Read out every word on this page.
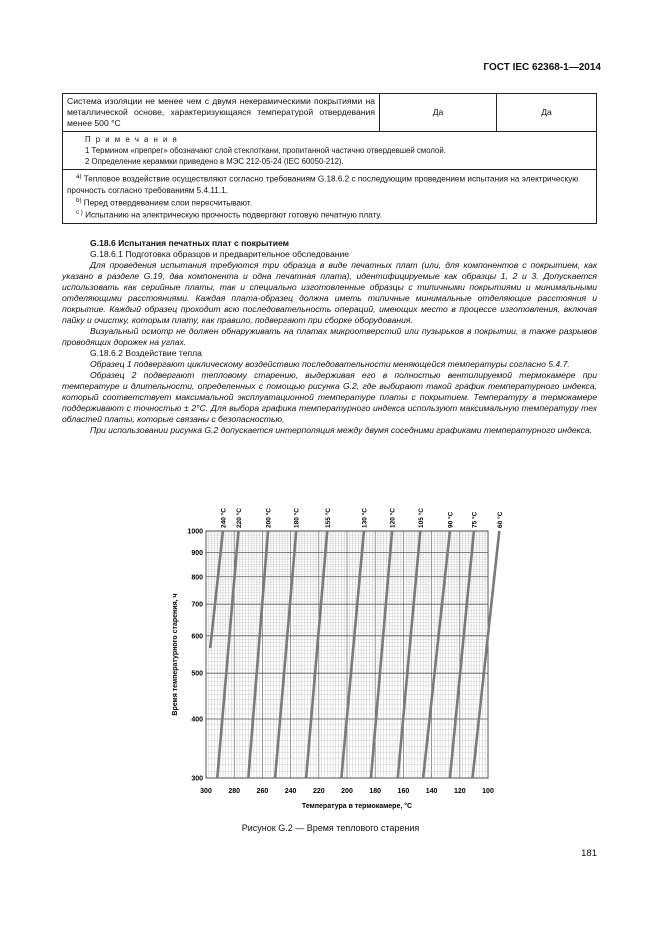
ГОСТ IEC 62368-1—2014
Система изоляции не менее чем с двумя некерамическими покрытиями на металлической основе, характеризующаяся температурой отвердевания менее 500 °С	Да	Да

П р и м е ч а н и я
1 Термином «препрег» обозначают слой стеклоткани, пропитанной частично отвердевшей смолой.
2 Определение керамики приведено в МЭС 212-05-24 (IEC 60050-212).

$^{a)}$ Тепловое воздействие осуществляют согласно требованиям G.18.6.2 с последующим проведением испытания на электрическую прочность согласно требованиям 5.4.11.1.
$^{b)}$ Перед отвердеванием слои пересчитывают.
$^{c )}$ Испытанию на электрическую прочность подвергают готовую печатную плату.

G.18.6 Испытания печатных плат с покрытием

G.18.6.1 Подготовка образцов и предварительное обследование

Для проведения испытания требуются три образца в виде печатных плат (или, для компонентов с покрытием, как указано в разделе G.19, два компонента и одна печатная плата), идентифицируемые как образцы 1, 2 и 3. Допускается использовать как серийные платы, так и специально изготовленные образцы с типичными покрытиями и минимальными отделяющими расстояниями. Каждая плата-образец должна иметь типичные минимальные отделяющие расстояния и покрытие. Каждый образец проходит всю последовательность операций, имеющих место в процессе изготовления, включая пайку и очистку, которым плату, как правило, подвергают при сборке оборудования.

Визуальный осмотр не должен обнаруживать на платах микроотверстий или пузырьков в покрытии, а также разрывов проводящих дорожек на углах.

G.18.6.2 Воздействие тепла

Образец 1 подвергают циклическому воздействию последовательности меняющейся температуры согласно 5.4.7.

Образец 2 подвергают тепловому старению, выдерживая его в полностью вентилируемой термокамере при температуре и длительности, определенных с помощью рисунка G.2, где выбирают такой график температурного индекса, который соответствует максимальной эксплуатационной температуре платы с покрытием. Температуру в термокамере поддерживают с точностью ± 2°С. Для выбора графика температурного индекса используют максимальную температуру тех областей платы, которые связаны с безопасностью.

При использовании рисунка G.2 допускается интерполяция между двумя соседними графиками температурного индекса.

300 280 260 240 220 200 180 160 140 120 100
300
400
500
600
700
800
900
1000
240 °С 220 °С	200 °С	180 °С	155 °С	130 °С	120 °С	105 °С	90 °С	75 °С	60 °С
Температура в термокамере, °С
Время температурного старения, ч
Рисунок G.2 — Время теплового старения
181
